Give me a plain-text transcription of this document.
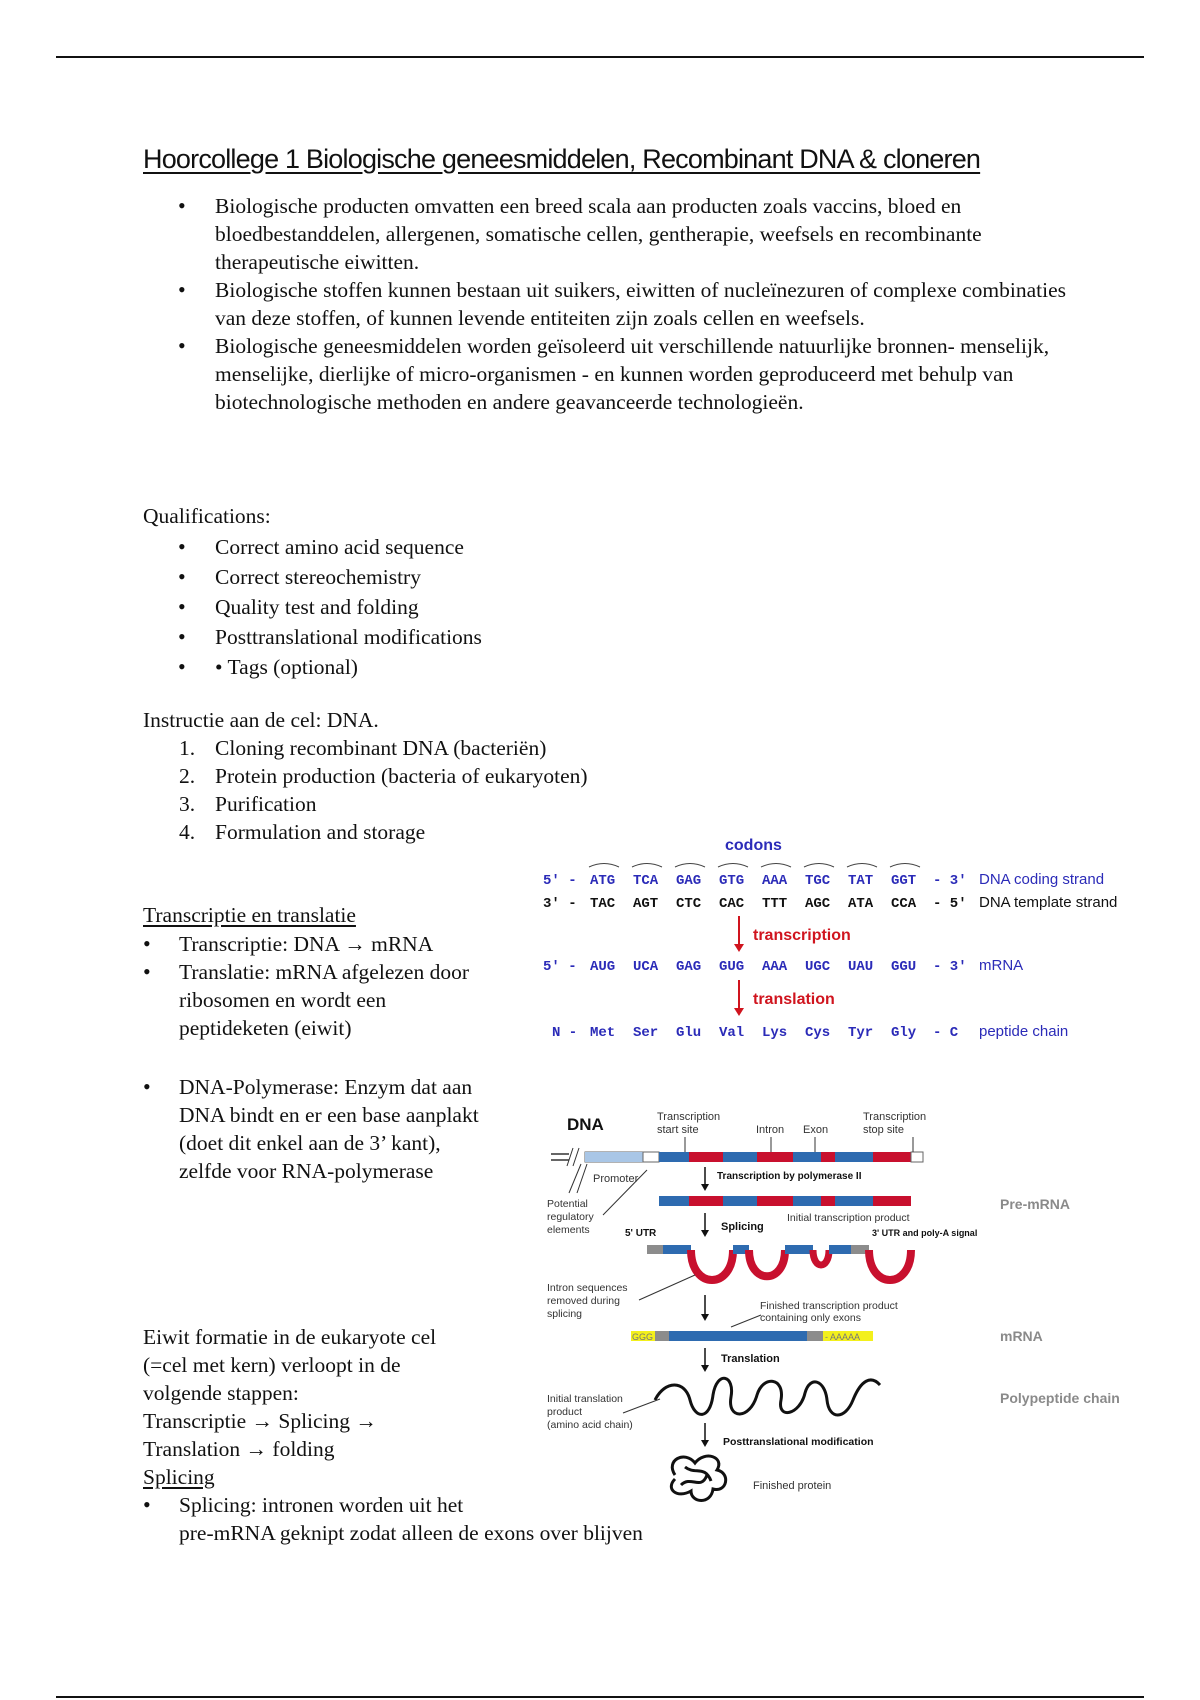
Hoorcollege 1 Biologische geneesmiddelen, Recombinant DNA & cloneren
• Biologische producten omvatten een breed scala aan producten zoals vaccins, bloed en bloedbestanddelen, allergenen, somatische cellen, gentherapie, weefsels en recombinante therapeutische eiwitten.
• Biologische stoffen kunnen bestaan uit suikers, eiwitten of nucleïnezuren of complexe combinaties van deze stoffen, of kunnen levende entiteiten zijn zoals cellen en weefsels.
• Biologische geneesmiddelen worden geïsoleerd uit verschillende natuurlijke bronnen- menselijk, menselijke, dierlijke of micro-organismen - en kunnen worden geproduceerd met behulp van biotechnologische methoden en andere geavanceerde technologieën.
Qualifications:
• Correct amino acid sequence
• Correct stereochemistry
• Quality test and folding
• Posttranslational modifications
• • Tags (optional)
Instructie aan de cel: DNA.
1. Cloning recombinant DNA (bacteriën)
2. Protein production (bacteria of eukaryoten)
3. Purification
4. Formulation and storage
Transcriptie en translatie
• Transcriptie: DNA → mRNA
• Translatie: mRNA afgelezen door ribosomen en wordt een peptideketen (eiwit)
• DNA-Polymerase: Enzym dat aan DNA bindt en er een base aanplakt (doet dit enkel aan de 3’ kant), zelfde voor RNA-polymerase
Eiwit formatie in de eukaryote cel
(=cel met kern) verloopt in de
volgende stappen:
Transcriptie → Splicing →
Translation → folding
Splicing
• Splicing: intronen worden uit het
pre-mRNA geknipt zodat alleen de exons over blijven
codons
5′ - ATG TCA GAG GTG AAA TGC TAT GGT - 3′ DNA coding strand
3′ - TAC AGT CTC CAC TTT AGC ATA CCA - 5′ DNA template strand
transcription
5′ - AUG UCA GAG GUG AAA UGC UAU GGU - 3′ mRNA
translation
N - Met Ser Glu Val Lys Cys Tyr Gly - C peptide chain
DNA	Transcription start site	Intron Exon
Transcription stop site
Promoter
Potential regulatory elements
Transcription by polymerase II
Pre-mRNA
Initial transcription product
Splicing
5' UTR	3' UTR and poly-A signal
Intron sequences removed during splicing
Finished transcription product containing only exons
GGG	- AAAAA	mRNA
Translation
Initial translation product (amino acid chain)
Polypeptide chain
Posttranslational modification
Finished protein
